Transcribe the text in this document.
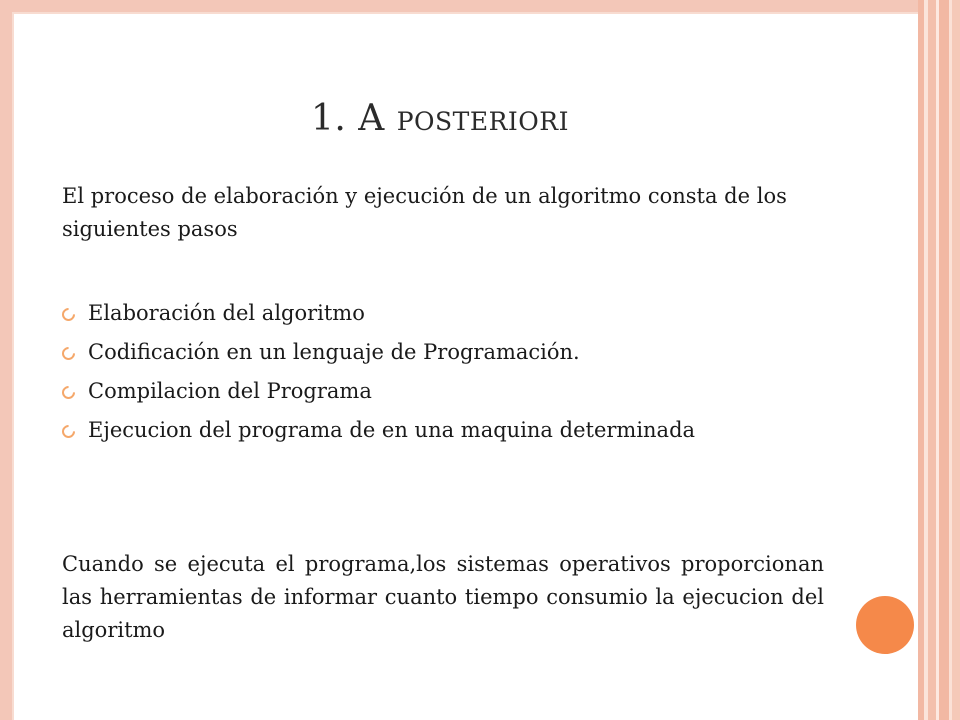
1. A posteriori
El proceso de elaboración y ejecución de un algoritmo consta de los siguientes pasos
Elaboración del algoritmo
Codificación en un lenguaje de Programación.
Compilacion del Programa
Ejecucion del programa de en una maquina determinada
Cuando se ejecuta el programa,los sistemas operativos proporcionan las herramientas de informar cuanto tiempo consumio la ejecucion del algoritmo
